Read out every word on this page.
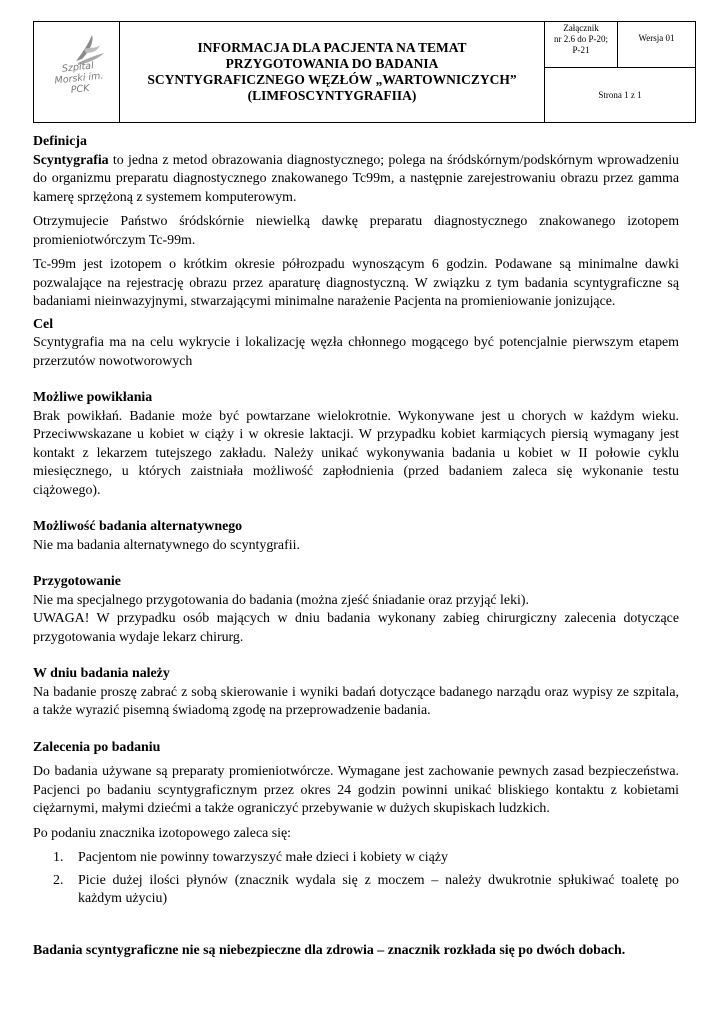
Szpital
Morski im. PCK
INFORMACJA DLA PACJENTA NA TEMAT
PRZYGOTOWANIA DO BADANIA
SCYNTYGRAFICZNEGO WĘZŁÓW „WARTOWNICZYCH”
(LIMFOSCYNTYGRAFIIA)
Załącznik
nr 2.6 do P-20;
P-21
Wersja 01
Strona 1 z 1

Definicja

Scyntygrafia to jedna z metod obrazowania diagnostycznego; polega na śródskórnym/podskórnym wprowadzeniu do organizmu preparatu diagnostycznego znakowanego Tc99m, a następnie zarejestrowaniu obrazu przez gamma kamerę sprzężoną z systemem komputerowym.

Otrzymujecie Państwo śródskórnie niewielką dawkę preparatu diagnostycznego znakowanego izotopem promieniotwórczym Tc-99m.

Tc-99m jest izotopem o krótkim okresie półrozpadu wynoszącym 6 godzin. Podawane są minimalne dawki pozwalające na rejestrację obrazu przez aparaturę diagnostyczną. W związku z tym badania scyntygraficzne są badaniami nieinwazyjnymi, stwarzającymi minimalne narażenie Pacjenta na promieniowanie jonizujące.

Cel

Scyntygrafia ma na celu wykrycie i lokalizację węzła chłonnego mogącego być potencjalnie pierwszym etapem przerzutów nowotworowych

Możliwe powikłania

Brak powikłań. Badanie może być powtarzane wielokrotnie. Wykonywane jest u chorych w każdym wieku. Przeciwwskazane u kobiet w ciąży i w okresie laktacji. W przypadku kobiet karmiących piersią wymagany jest kontakt z lekarzem tutejszego zakładu. Należy unikać wykonywania badania u kobiet w II połowie cyklu miesięcznego, u których zaistniała możliwość zapłodnienia (przed badaniem zaleca się wykonanie testu ciążowego).

Możliwość badania alternatywnego

Nie ma badania alternatywnego do scyntygrafii.

Przygotowanie

Nie ma specjalnego przygotowania do badania (można zjeść śniadanie oraz przyjąć leki).

UWAGA! W przypadku osób mających w dniu badania wykonany zabieg chirurgiczny zalecenia dotyczące przygotowania wydaje lekarz chirurg.

W dniu badania należy

Na badanie proszę zabrać z sobą skierowanie i wyniki badań dotyczące badanego narządu oraz wypisy ze szpitala, a także wyrazić pisemną świadomą zgodę na przeprowadzenie badania.

Zalecenia po badaniu

Do badania używane są preparaty promieniotwórcze. Wymagane jest zachowanie pewnych zasad bezpieczeństwa. Pacjenci po badaniu scyntygraficznym przez okres 24 godzin powinni unikać bliskiego kontaktu z kobietami ciężarnymi, małymi dziećmi a także ograniczyć przebywanie w dużych skupiskach ludzkich.

Po podaniu znacznika izotopowego zaleca się:

1. Pacjentom nie powinny towarzyszyć małe dzieci i kobiety w ciąży
2. Picie dużej ilości płynów (znacznik wydala się z moczem – należy dwukrotnie spłukiwać toaletę po każdym użyciu)

Badania scyntygraficzne nie są niebezpieczne dla zdrowia – znacznik rozkłada się po dwóch dobach.
